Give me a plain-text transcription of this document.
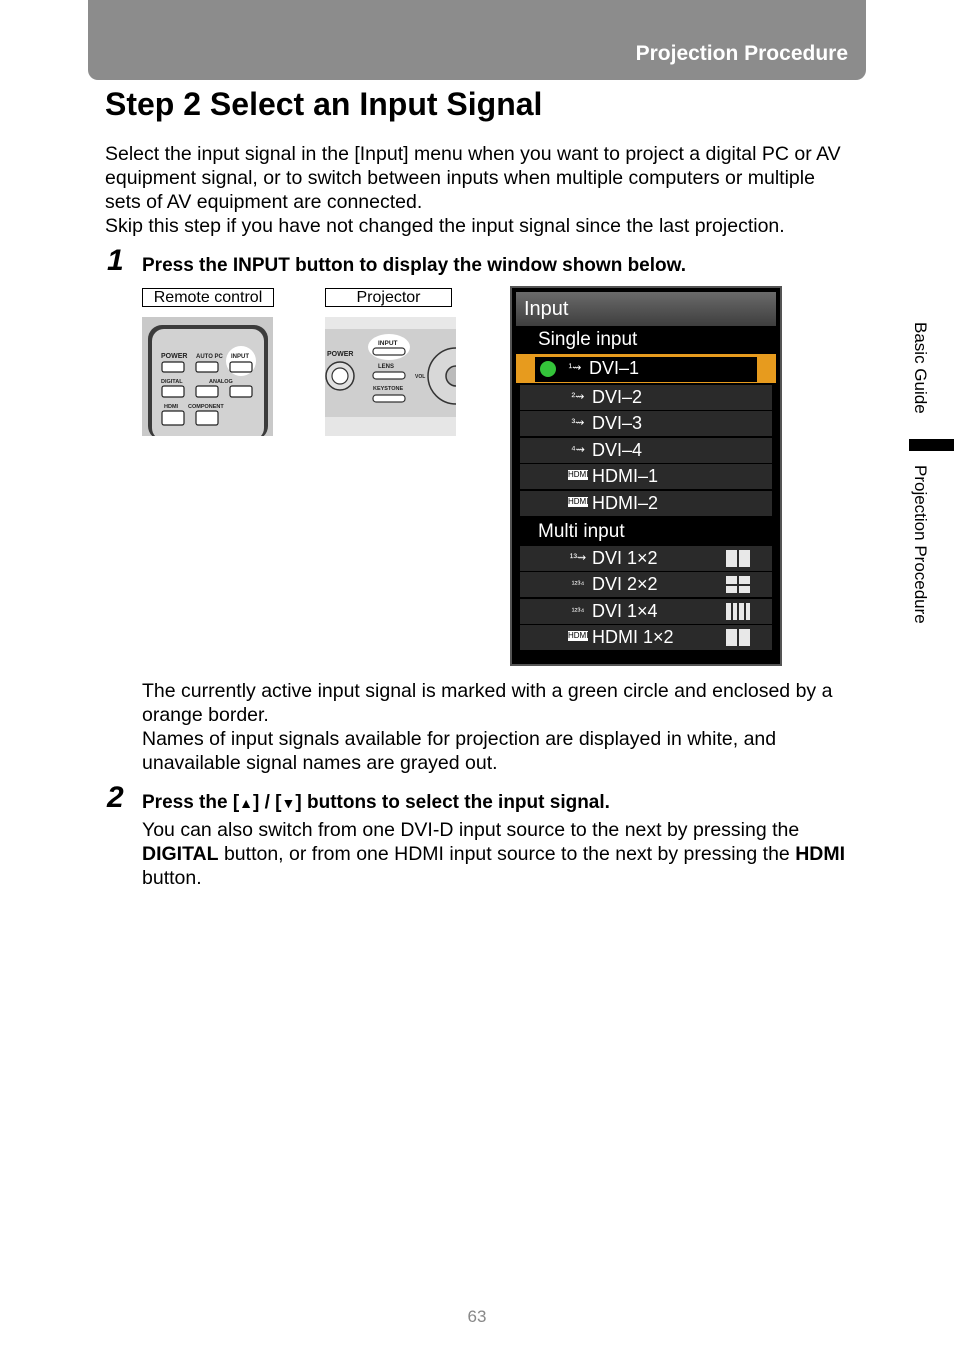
Projection Procedure
Step 2 Select an Input Signal

Select the input signal in the [Input] menu when you want to project a digital PC or AV equipment signal, or to switch between inputs when multiple computers or multiple sets of AV equipment are connected.

Skip this step if you have not changed the input signal since the last projection.

1 Press the INPUT button to display the window shown below.
Remote control	Projector
POWER AUTO PC INPUT
DIGITAL	ANALOG
HDMI COMPONENT
POWER
INPUT
LENS
KEYSTONE
VOL
Input
Single input
¹⇝ DVI–1
²⇝ DVI–2
³⇝ DVI–3
⁴⇝ DVI–4
HDMI HDMI–1
HDMI HDMI–2
Multi input
¹³⇝ DVI 1×2
¹²³⁴ DVI 2×2
¹²³⁴ DVI 1×4
HDMI HDMI 1×2

The currently active input signal is marked with a green circle and enclosed by a orange border.

Names of input signals available for projection are displayed in white, and unavailable signal names are grayed out.

2 Press the [▲] / [▼] buttons to select the input signal.
You can also switch from one DVI-D input source to the next by pressing the DIGITAL button, or from one HDMI input source to the next by pressing the HDMI button.
Basic Guide
Projection Procedure
63
